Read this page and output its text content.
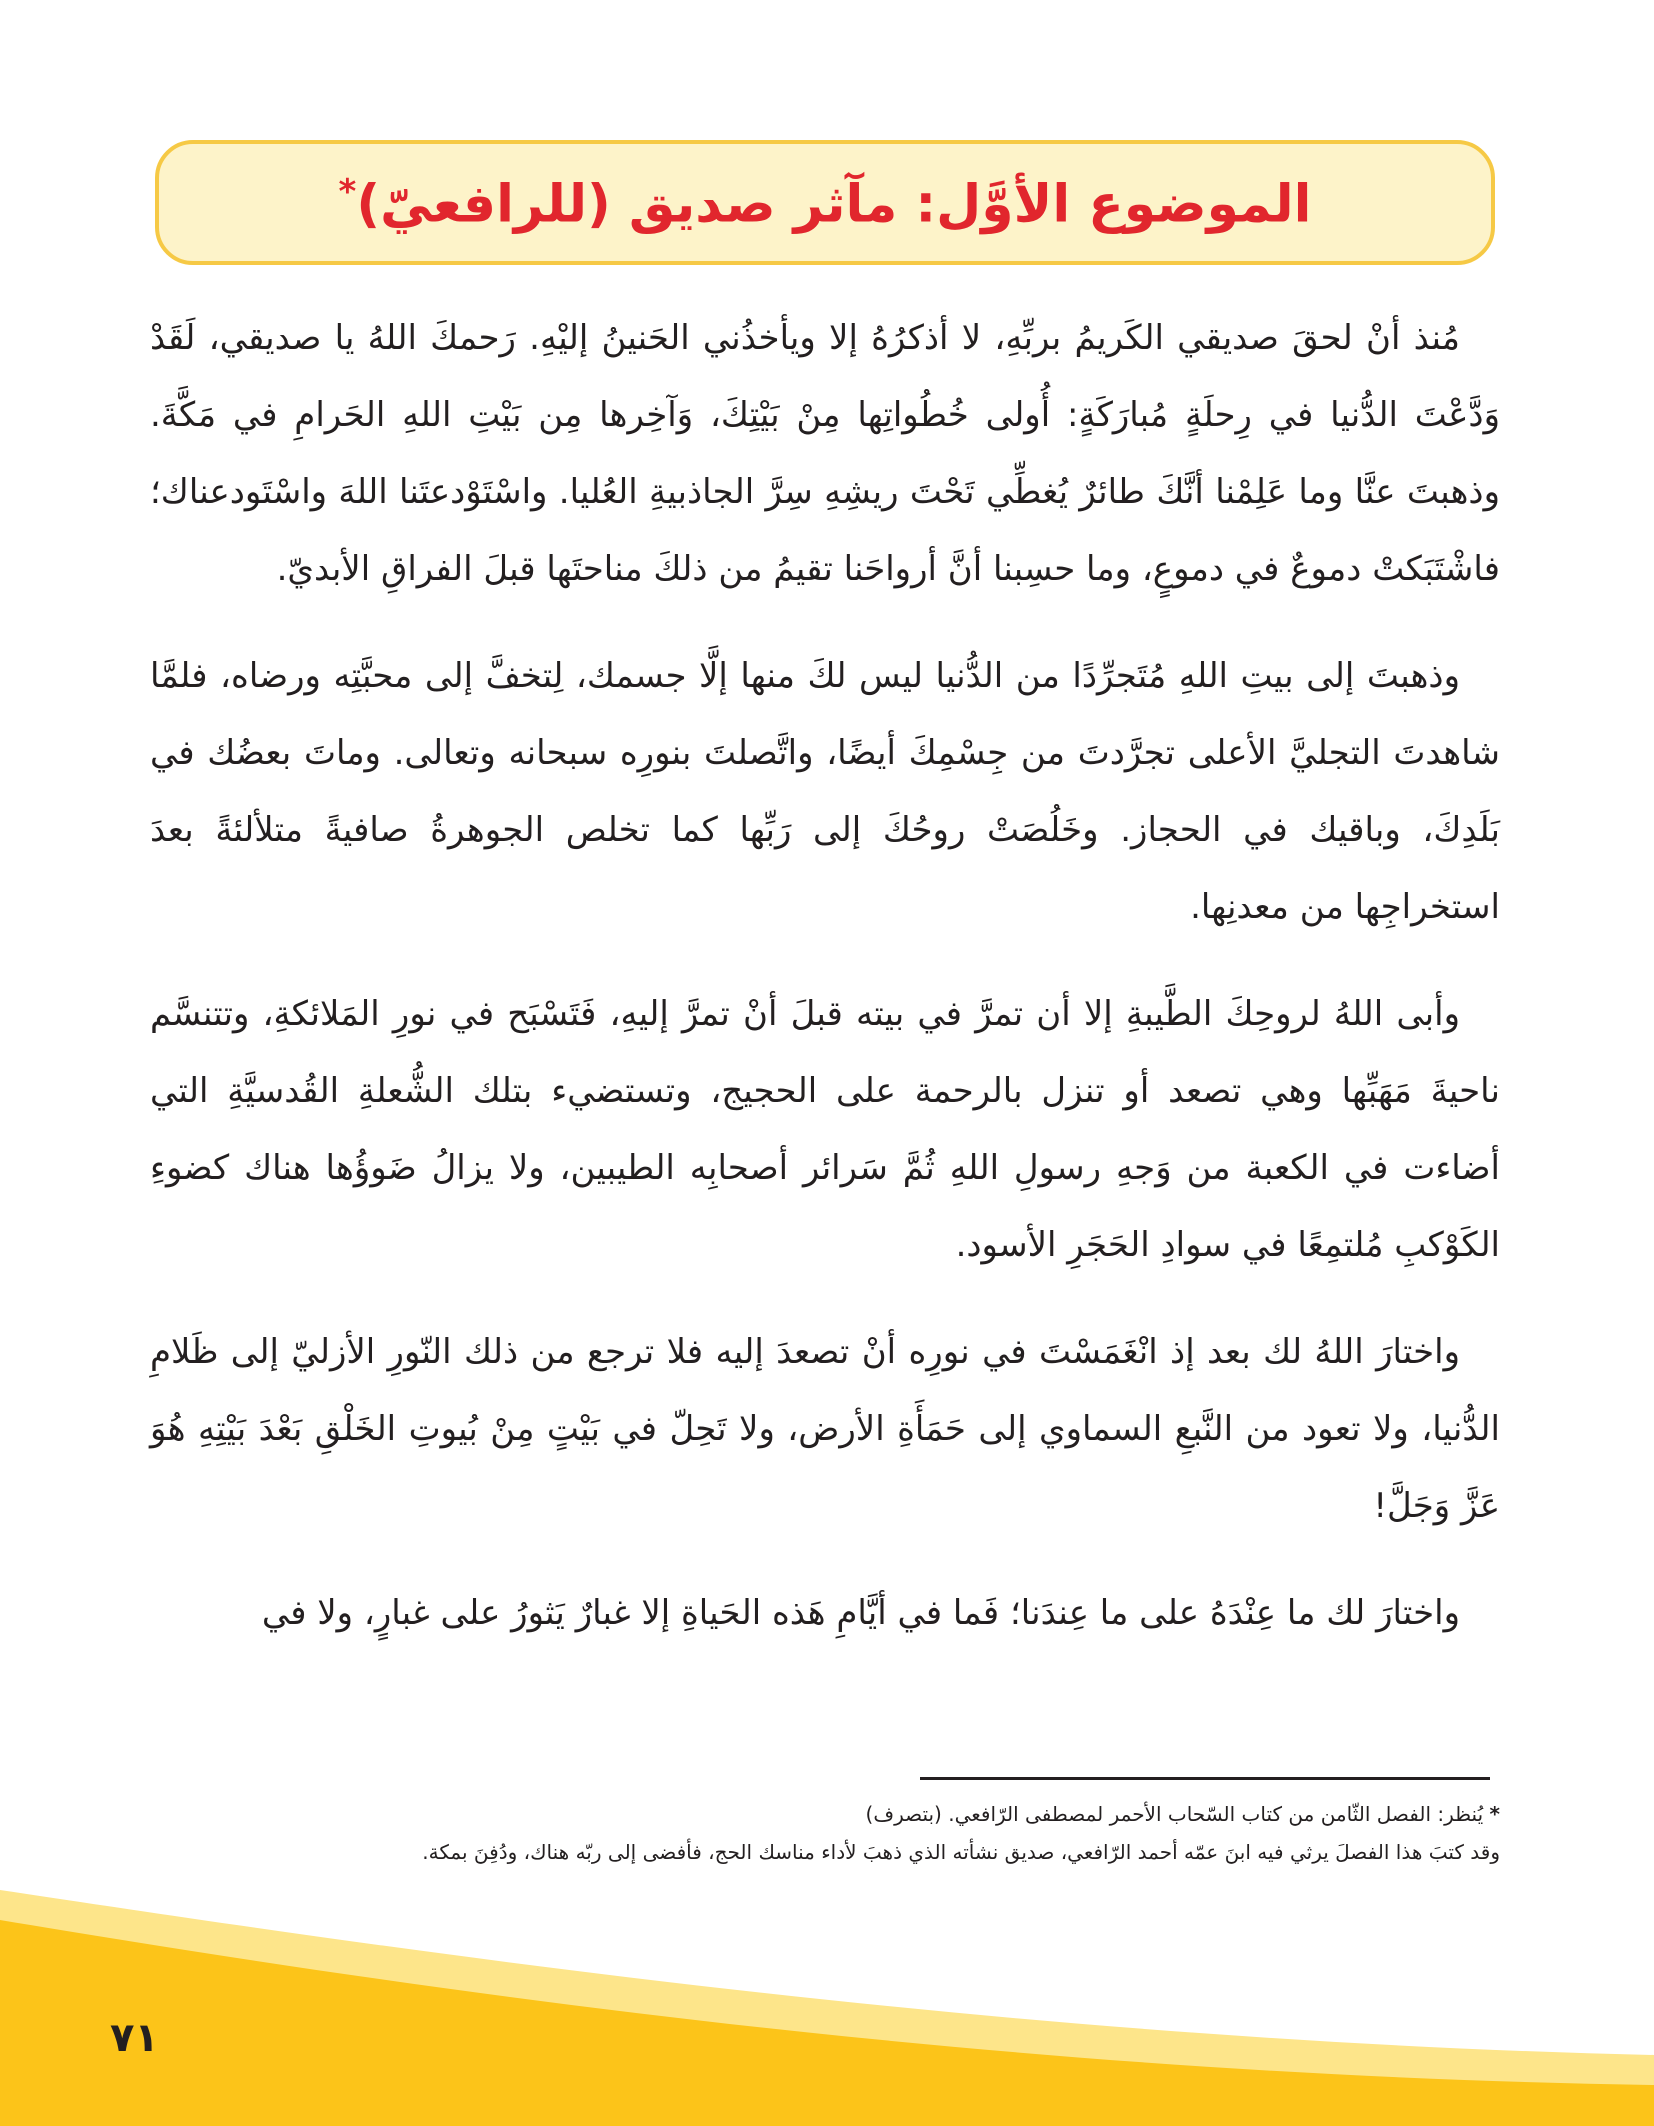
الموضوع الأوَّل: مآثر صديق (للرافعيّ)*

مُنذ أنْ لحقَ صديقي الكَريمُ بربِّهِ، لا أذكرُهُ إلا ويأخذُني الحَنينُ إليْهِ. رَحمكَ اللهُ يا صديقي، لَقَدْ وَدَّعْتَ الدُّنيا في رِحلَةٍ مُبارَكَةٍ: أُولى خُطُواتِها مِنْ بَيْتِكَ، وَآخِرها مِن بَيْتِ اللهِ الحَرامِ في مَكَّةَ. وذهبتَ عنَّا وما عَلِمْنا أنَّكَ طائرٌ يُغطِّي تَحْتَ ريشِهِ سِرَّ الجاذبيةِ العُليا. واسْتَوْدعتَنا اللهَ واسْتَودعناك؛ فاشْتَبَكتْ دموعٌ في دموعٍ، وما حسِبنا أنَّ أرواحَنا تقيمُ من ذلكَ مناحتَها قبلَ الفراقِ الأبديّ.

وذهبتَ إلى بيتِ اللهِ مُتَجرِّدًا من الدُّنيا ليس لكَ منها إلَّا جسمك، لِتخفَّ إلى محبَّتِه ورضاه، فلمَّا شاهدتَ التجليَّ الأعلى تجرَّدتَ من جِسْمِكَ أيضًا، واتَّصلتَ بنورِه سبحانه وتعالى. وماتَ بعضُك في بَلَدِكَ، وباقيك في الحجاز. وخَلُصَتْ روحُكَ إلى رَبِّها كما تخلص الجوهرةُ صافيةً متلألئةً بعدَ استخراجِها من معدنِها.

وأبى اللهُ لروحِكَ الطَّيبةِ إلا أن تمرَّ في بيته قبلَ أنْ تمرَّ إليهِ، فَتَسْبَح في نورِ المَلائكةِ، وتتنسَّم ناحيةَ مَهَبِّها وهي تصعد أو تنزل بالرحمة على الحجيج، وتستضيء بتلك الشُّعلةِ القُدسيَّةِ التي أضاءت في الكعبة من وَجهِ رسولِ اللهِ ثُمَّ سَرائر أصحابِه الطيبين، ولا يزالُ ضَوؤُها هناك كضوءِ الكَوْكبِ مُلتمِعًا في سوادِ الحَجَرِ الأسود.

واختارَ اللهُ لك بعد إذ انْغَمَسْتَ في نورِه أنْ تصعدَ إليه فلا ترجع من ذلك النّورِ الأزليّ إلى ظَلامِ الدُّنيا، ولا تعود من النَّبعِ السماوي إلى حَمَأَةِ الأرض، ولا تَحِلّ في بَيْتٍ مِنْ بُيوتِ الخَلْقِ بَعْدَ بَيْتِهِ هُوَ عَزَّ وَجَلَّ!

واختارَ لك ما عِنْدَهُ على ما عِندَنا؛ فَما في أيَّامِ هَذه الحَياةِ إلا غبارٌ يَثورُ على غبارٍ، ولا في

* يُنظر: الفصل الثّامن من كتاب السّحاب الأحمر لمصطفى الرّافعي. (بتصرف)
وقد كتبَ هذا الفصلَ يرثي فيه ابنَ عمّه أحمد الرّافعي، صديق نشأته الذي ذهبَ لأداء مناسك الحج، فأفضى إلى ربّه هناك، ودُفِنَ بمكة.
٧١
